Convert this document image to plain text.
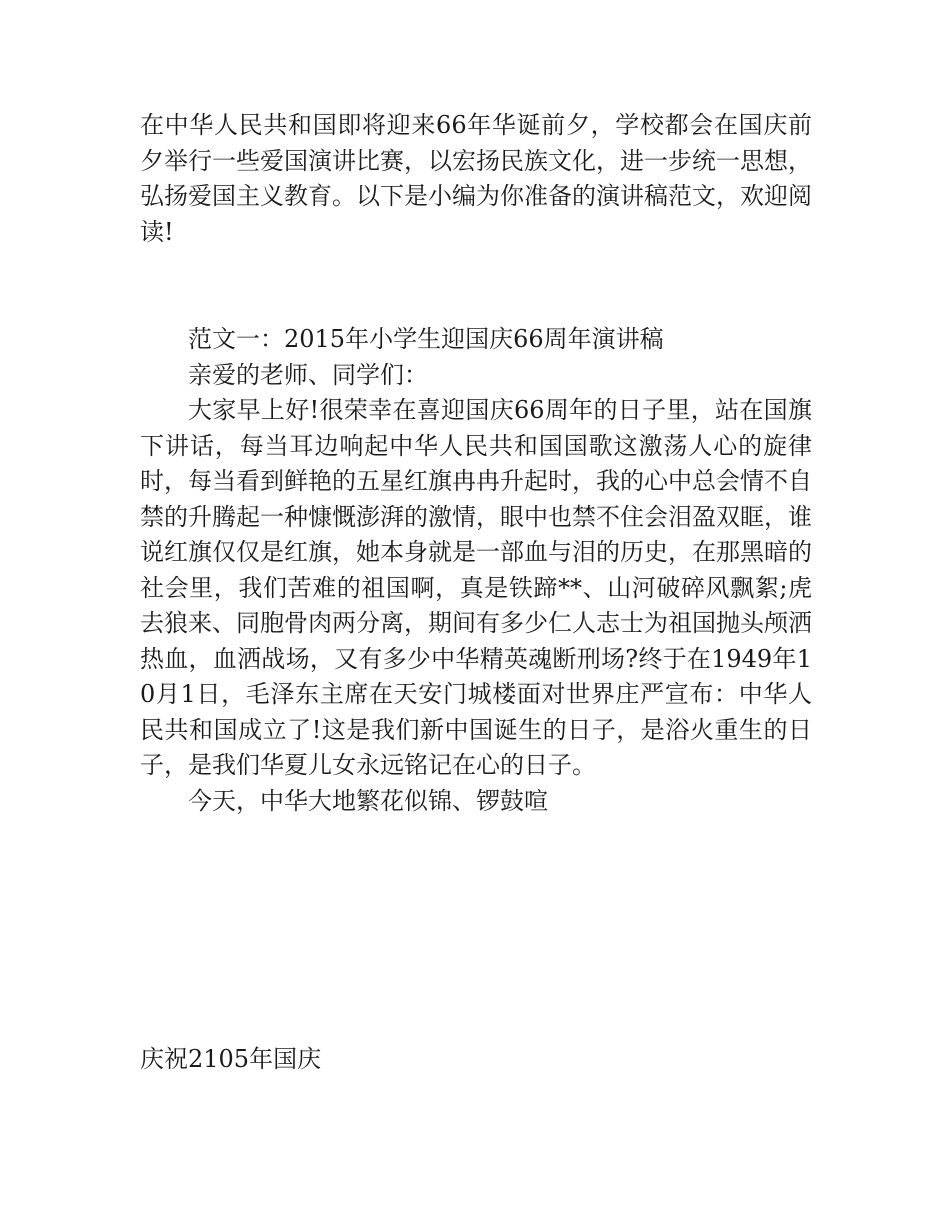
在中华人民共和国即将迎来66年华诞前夕，学校都会在国庆前夕举行一些爱国演讲比赛，以宏扬民族文化，进一步统一思想，弘扬爱国主义教育。以下是小编为你准备的演讲稿范文，欢迎阅读!

范文一：2015年小学生迎国庆66周年演讲稿

亲爱的老师、同学们：

大家早上好!很荣幸在喜迎国庆66周年的日子里，站在国旗下讲话，每当耳边响起中华人民共和国国歌这激荡人心的旋律时，每当看到鲜艳的五星红旗冉冉升起时，我的心中总会情不自禁的升腾起一种慷慨澎湃的激情，眼中也禁不住会泪盈双眶，谁说红旗仅仅是红旗，她本身就是一部血与泪的历史，在那黑暗的社会里，我们苦难的祖国啊，真是铁蹄**、山河破碎风飘絮;虎去狼来、同胞骨肉两分离，期间有多少仁人志士为祖国抛头颅洒热血，血洒战场，又有多少中华精英魂断刑场?终于在1949年10月1日，毛泽东主席在天安门城楼面对世界庄严宣布：中华人民共和国成立了!这是我们新中国诞生的日子，是浴火重生的日子，是我们华夏儿女永远铭记在心的日子。

今天，中华大地繁花似锦、锣鼓喧

庆祝2105年国庆
